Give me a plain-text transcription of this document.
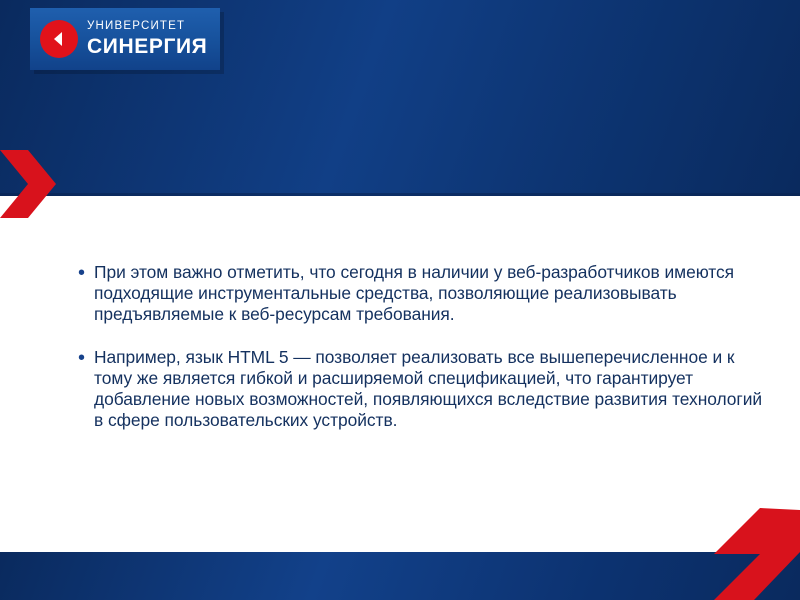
УНИВЕРСИТЕТ
СИНЕРГИЯ
• При этом важно отметить, что сегодня в наличии у веб-разработчиков имеются подходящие инструментальные средства, позволяющие реализовывать предъявляемые к веб-ресурсам требования.
• Например, язык HTML 5 — позволяет реализовать все вышеперечисленное и к тому же является гибкой и расширяемой спецификацией, что гарантирует добавление новых возможностей, появляющихся вследствие развития технологий в сфере пользовательских устройств.
